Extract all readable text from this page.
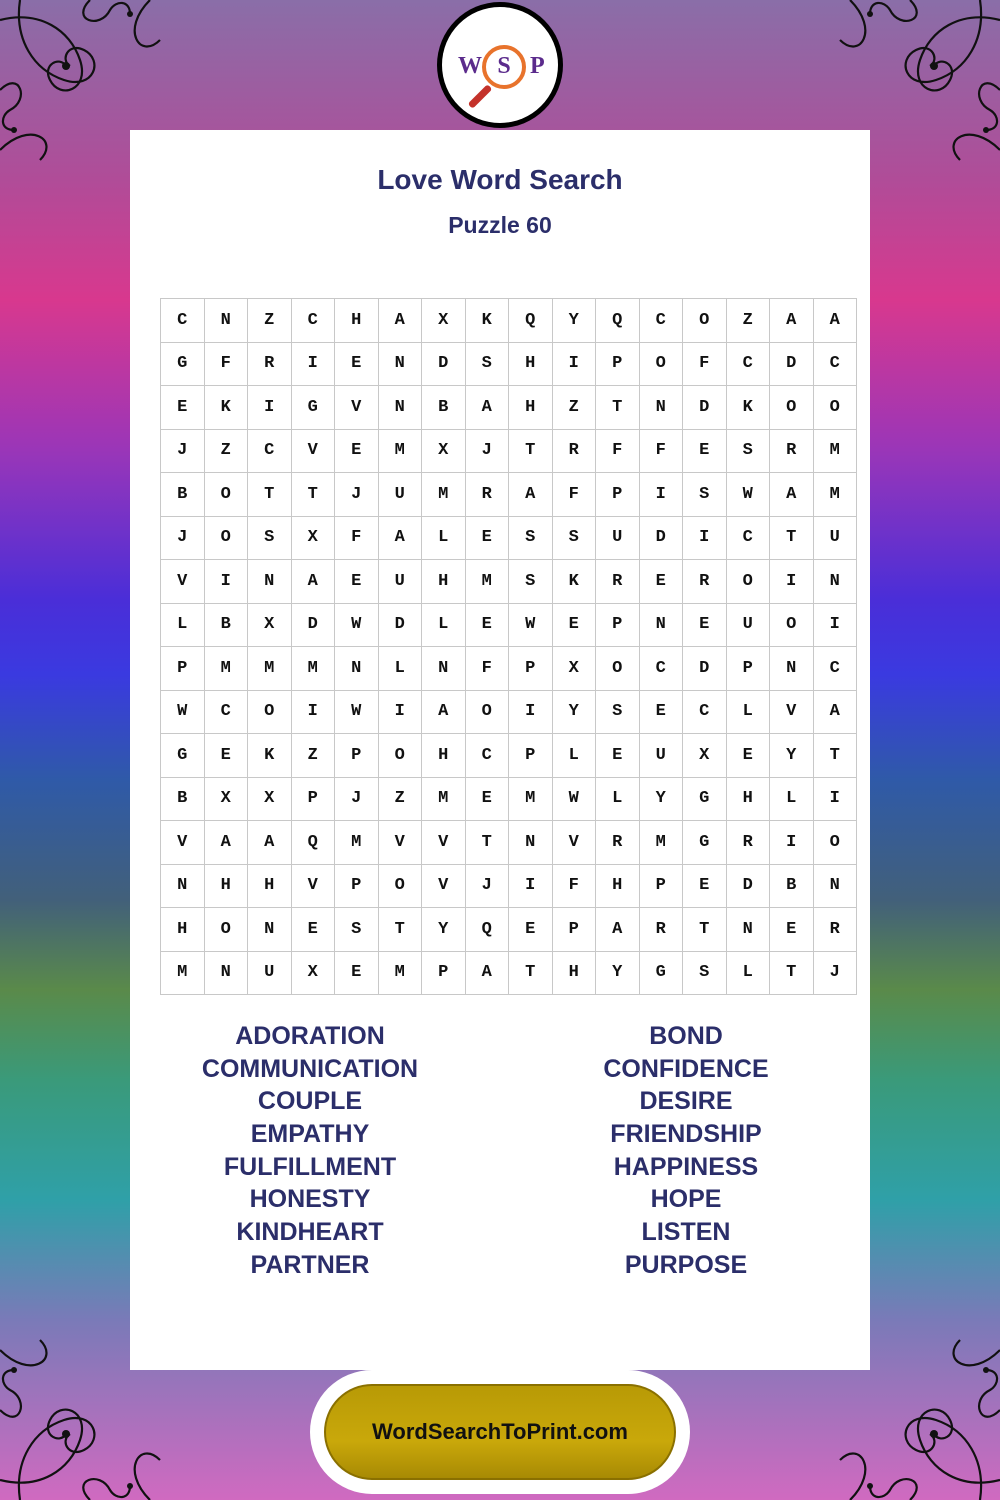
W S P
Love Word Search
Puzzle 60
C	N	Z	C	H	A	X	K	Q	Y	Q	C	O	Z	A	A
G	F	R	I	E	N	D	S	H	I	P	O	F	C	D	C
E	K	I	G	V	N	B	A	H	Z	T	N	D	K	O	O
J	Z	C	V	E	M	X	J	T	R	F	F	E	S	R	M
B	O	T	T	J	U	M	R	A	F	P	I	S	W	A	M
J	O	S	X	F	A	L	E	S	S	U	D	I	C	T	U
V	I	N	A	E	U	H	M	S	K	R	E	R	O	I	N
L	B	X	D	W	D	L	E	W	E	P	N	E	U	O	I
P	M	M	M	N	L	N	F	P	X	O	C	D	P	N	C
W	C	O	I	W	I	A	O	I	Y	S	E	C	L	V	A
G	E	K	Z	P	O	H	C	P	L	E	U	X	E	Y	T
B	X	X	P	J	Z	M	E	M	W	L	Y	G	H	L	I
V	A	A	Q	M	V	V	T	N	V	R	M	G	R	I	O
N	H	H	V	P	O	V	J	I	F	H	P	E	D	B	N
H	O	N	E	S	T	Y	Q	E	P	A	R	T	N	E	R
M	N	U	X	E	M	P	A	T	H	Y	G	S	L	T	J
ADORATION
COMMUNICATION
COUPLE
EMPATHY
FULFILLMENT
HONESTY
KINDHEART
PARTNER
BOND
CONFIDENCE
DESIRE
FRIENDSHIP
HAPPINESS
HOPE
LISTEN
PURPOSE
WordSearchToPrint.com
